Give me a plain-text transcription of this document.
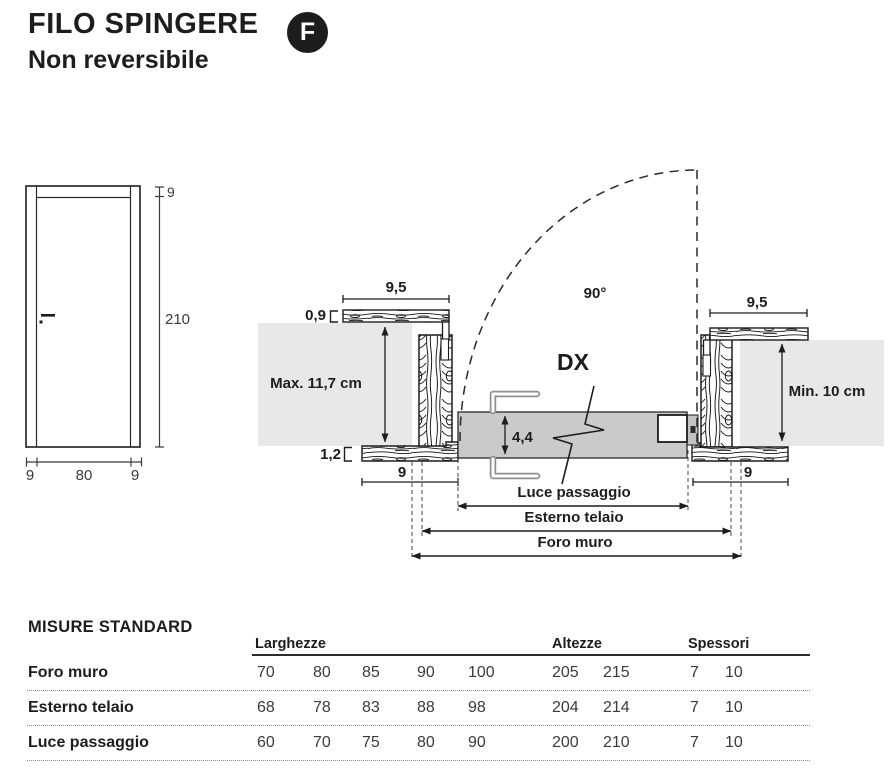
FILO SPINGERE	F
Non reversibile
9
210
9	80	9
Max. 11,7 cm	Min. 10 cm
4,4
90°
DX
9,5
9,5
0,9
1,2
9	9
Luce passaggio
Esterno telaio
Foro muro
MISURE STANDARD
Larghezze	Altezze	Spessori
Foro muro	70 80 85 90 100	205 215	7 10
Esterno telaio	68 78 83 88 98	204 214	7 10
Luce passaggio	60 70 75 80 90	200 210	7 10
